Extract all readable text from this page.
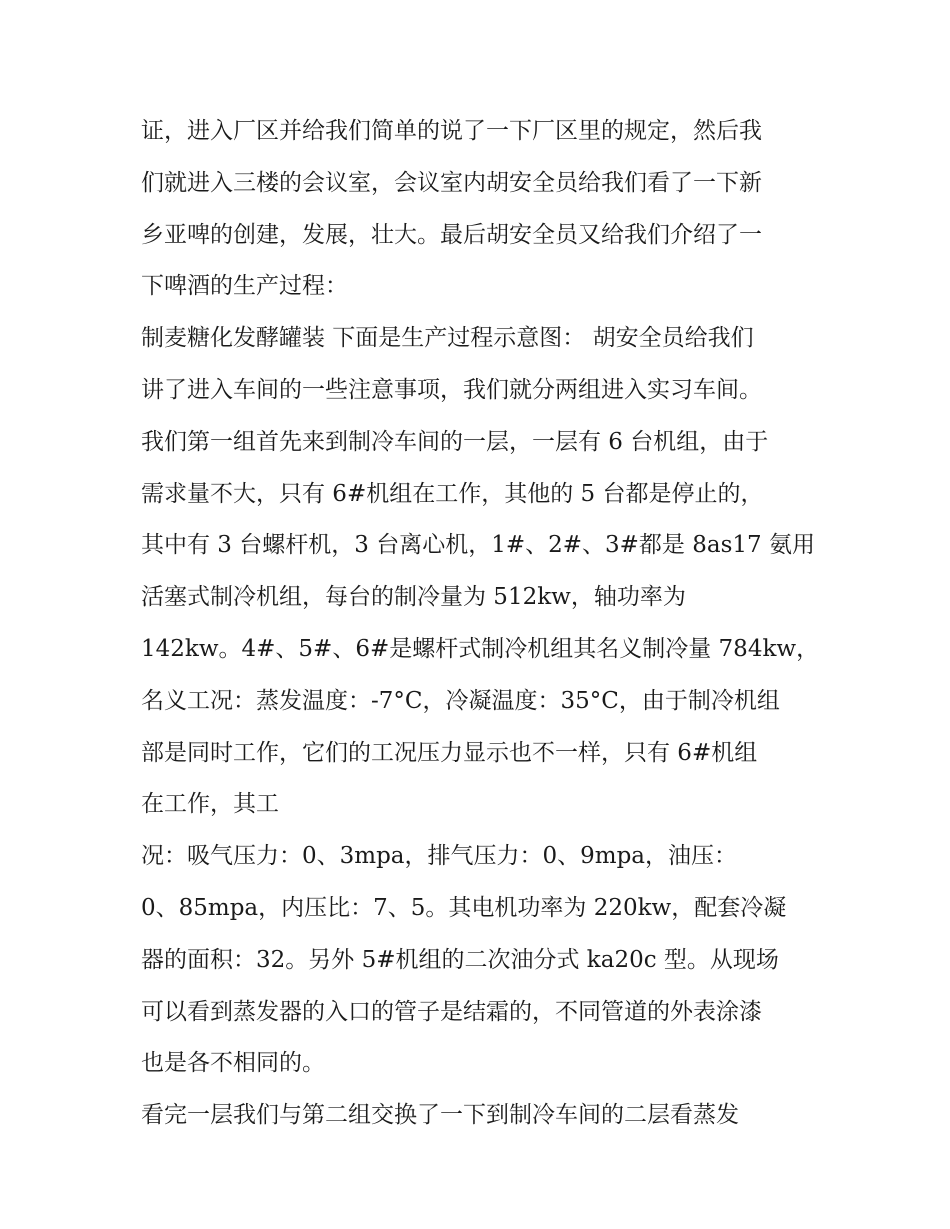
证，进入厂区并给我们简单的说了一下厂区里的规定，然后我
们就进入三楼的会议室，会议室内胡安全员给我们看了一下新
乡亚啤的创建，发展，壮大。最后胡安全员又给我们介绍了一
下啤酒的生产过程：
制麦糖化发酵罐装 下面是生产过程示意图： 胡安全员给我们
讲了进入车间的一些注意事项，我们就分两组进入实习车间。
我们第一组首先来到制冷车间的一层，一层有 6 台机组，由于
需求量不大，只有 6#机组在工作，其他的 5 台都是停止的，
其中有 3 台螺杆机，3 台离心机，1#、2#、3#都是 8as17 氨用
活塞式制冷机组，每台的制冷量为 512kw，轴功率为
142kw。4#、5#、6#是螺杆式制冷机组其名义制冷量 784kw，
名义工况：蒸发温度：-7°C，冷凝温度：35°C，由于制冷机组
部是同时工作，它们的工况压力显示也不一样，只有 6#机组
在工作，其工
况：吸气压力：0、3mpa，排气压力：0、9mpa，油压：
0、85mpa，内压比：7、5。其电机功率为 220kw，配套冷凝
器的面积：32。另外 5#机组的二次油分式 ka20c 型。从现场
可以看到蒸发器的入口的管子是结霜的，不同管道的外表涂漆
也是各不相同的。
看完一层我们与第二组交换了一下到制冷车间的二层看蒸发
